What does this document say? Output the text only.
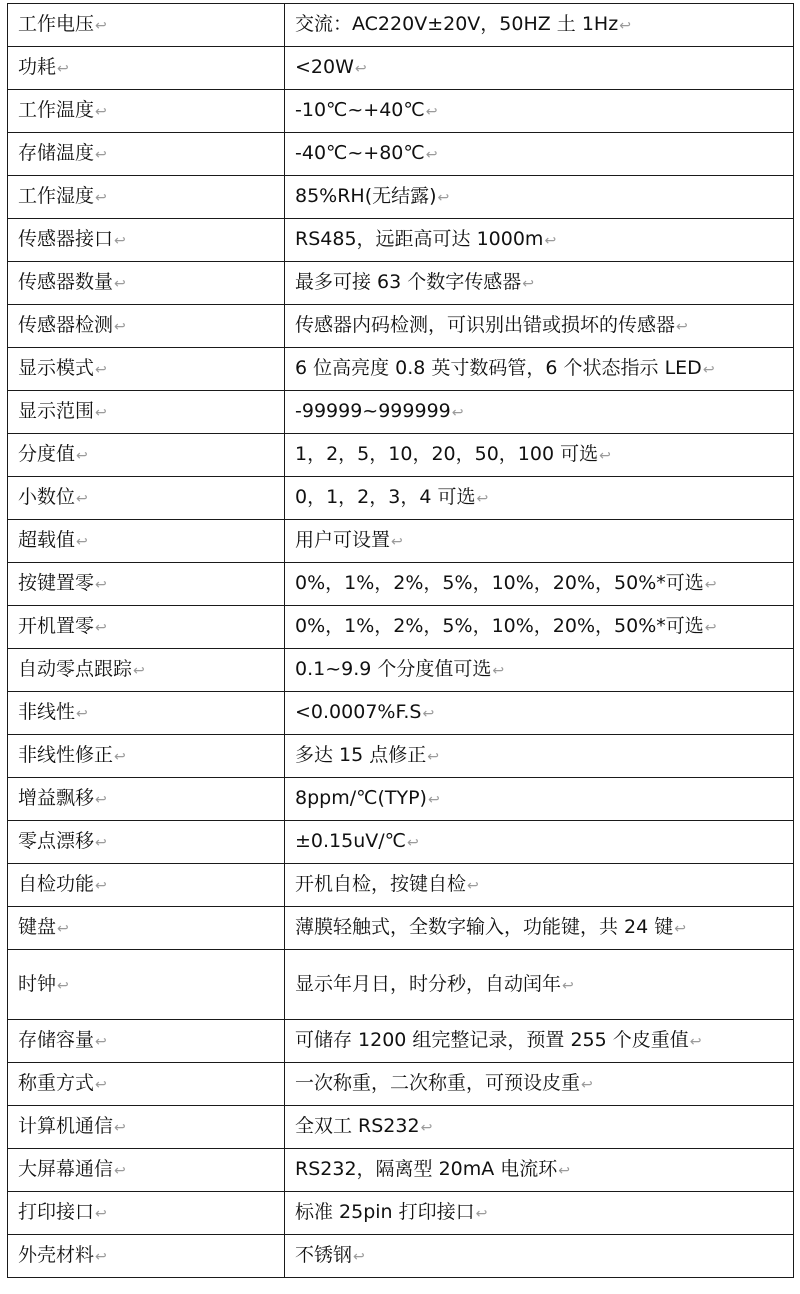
工作电压↩	交流：AC220V±20V，50HZ 土 1Hz↩
功耗↩	<20W↩
工作温度↩	-10℃~+40℃↩
存储温度↩	-40℃~+80℃↩
工作湿度↩	85%RH(无结露)↩
传感器接口↩	RS485，远距高可达 1000m↩
传感器数量↩	最多可接 63 个数字传感器↩
传感器检测↩	传感器内码检测，可识别出错或损坏的传感器↩
显示模式↩	6 位高亮度 0.8 英寸数码管，6 个状态指示 LED↩
显示范围↩	-99999~999999↩
分度值↩	1，2，5，10，20，50，100 可选↩
小数位↩	0，1，2，3，4 可选↩
超载值↩	用户可设置↩
按键置零↩	0%，1%，2%，5%，10%，20%，50%*可选↩
开机置零↩	0%，1%，2%，5%，10%，20%，50%*可选↩
自动零点跟踪↩	0.1~9.9 个分度值可选↩
非线性↩	<0.0007%F.S↩
非线性修正↩	多达 15 点修正↩
增益飘移↩	8ppm/℃(TYP)↩
零点漂移↩	±0.15uV/℃↩
自检功能↩	开机自检，按键自检↩
键盘↩	薄膜轻触式，全数字输入，功能键，共 24 键↩
时钟↩	显示年月日，时分秒，自动闰年↩
存储容量↩	可储存 1200 组完整记录，预置 255 个皮重值↩
称重方式↩	一次称重，二次称重，可预设皮重↩
计算机通信↩	全双工 RS232↩
大屏幕通信↩	RS232，隔离型 20mA 电流环↩
打印接口↩	标准 25pin 打印接口↩
外壳材料↩	不锈钢↩
